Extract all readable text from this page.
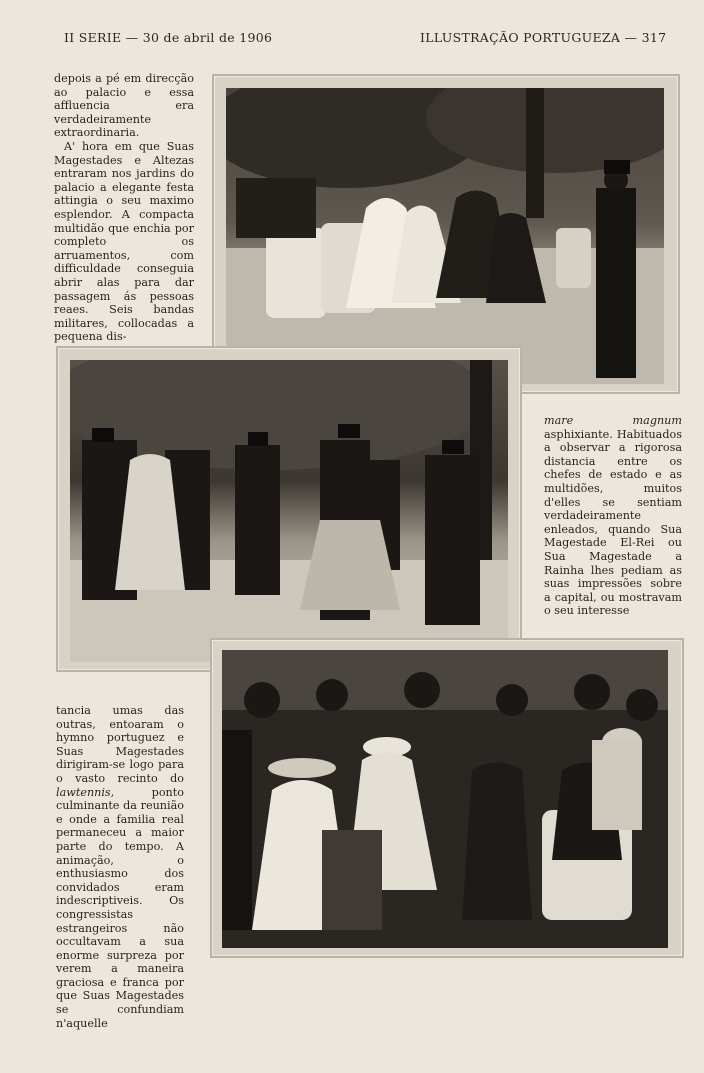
II SERIE — 30 de abril de 1906	ILLUSTRAÇÃO PORTUGUEZA — 317

depois a pé em direcção ao palacio e essa affluencia era verdadeiramente extraordinaria.

A' hora em que Suas Magestades e Altezas entraram nos jardins do palacio a elegante festa attingia o seu maximo esplendor. A compacta multidão que enchia por completo os arruamentos, com difficuldade conseguia abrir alas para dar passagem ás pessoas reaes. Seis bandas militares, collocadas a pequena dis-

mare magnum asphixiante. Habituados a observar a rigorosa distancia entre os chefes de estado e as multidões, muitos d'elles se sentiam verdadeiramente enleados, quando Sua Magestade El-Rei ou Sua Magestade a Rainha lhes pediam as suas impressões sobre a capital, ou mostravam o seu interesse

tancia umas das outras, entoaram o hymno portuguez e Suas Magestades dirigiram-se logo para o vasto recinto do lawtennis, ponto culminante da reunião e onde a familia real permaneceu a maior parte do tempo. A animação, o enthusiasmo dos convidados eram indescriptiveis. Os congressistas estrangeiros não occultavam a sua enorme surpreza por verem a maneira graciosa e franca por que Suas Magestades se confundiam n'aquelle
